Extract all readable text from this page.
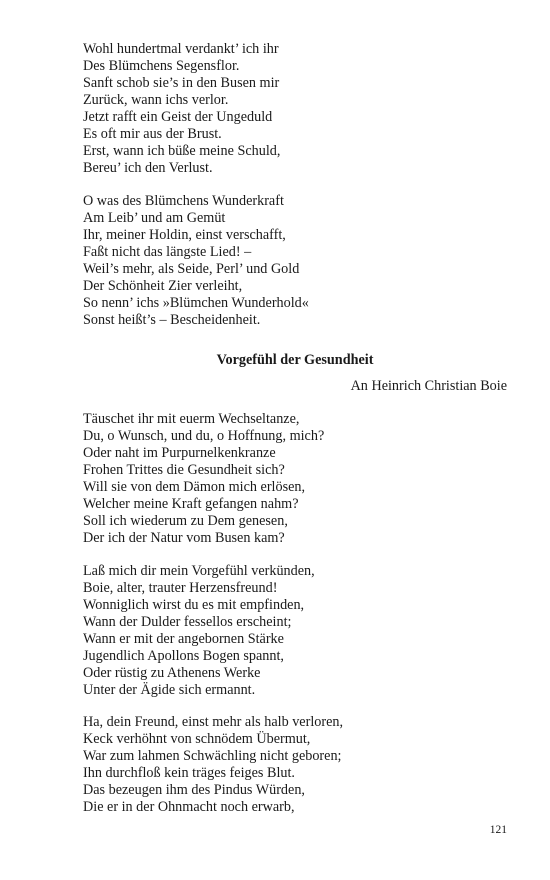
Wohl hundertmal verdankt’ ich ihr
Des Blümchens Segensflor.
Sanft schob sie’s in den Busen mir
Zurück, wann ichs verlor.
Jetzt rafft ein Geist der Ungeduld
Es oft mir aus der Brust.
Erst, wann ich büße meine Schuld,
Bereu’ ich den Verlust.
O was des Blümchens Wunderkraft
Am Leib’ und am Gemüt
Ihr, meiner Holdin, einst verschafft,
Faßt nicht das längste Lied! –
Weil’s mehr, als Seide, Perl’ und Gold
Der Schönheit Zier verleiht,
So nenn’ ichs »Blümchen Wunderhold«
Sonst heißt’s – Bescheidenheit.
Vorgefühl der Gesundheit
An Heinrich Christian Boie
Täuschet ihr mit euerm Wechseltanze,
Du, o Wunsch, und du, o Hoffnung, mich?
Oder naht im Purpurnelkenkranze
Frohen Trittes die Gesundheit sich?
Will sie von dem Dämon mich erlösen,
Welcher meine Kraft gefangen nahm?
Soll ich wiederum zu Dem genesen,
Der ich der Natur vom Busen kam?
Laß mich dir mein Vorgefühl verkünden,
Boie, alter, trauter Herzensfreund!
Wonniglich wirst du es mit empfinden,
Wann der Dulder fessellos erscheint;
Wann er mit der angebornen Stärke
Jugendlich Apollons Bogen spannt,
Oder rüstig zu Athenens Werke
Unter der Ägide sich ermannt.
Ha, dein Freund, einst mehr als halb verloren,
Keck verhöhnt von schnödem Übermut,
War zum lahmen Schwächling nicht geboren;
Ihn durchfloß kein träges feiges Blut.
Das bezeugen ihm des Pindus Würden,
Die er in der Ohnmacht noch erwarb,
121
